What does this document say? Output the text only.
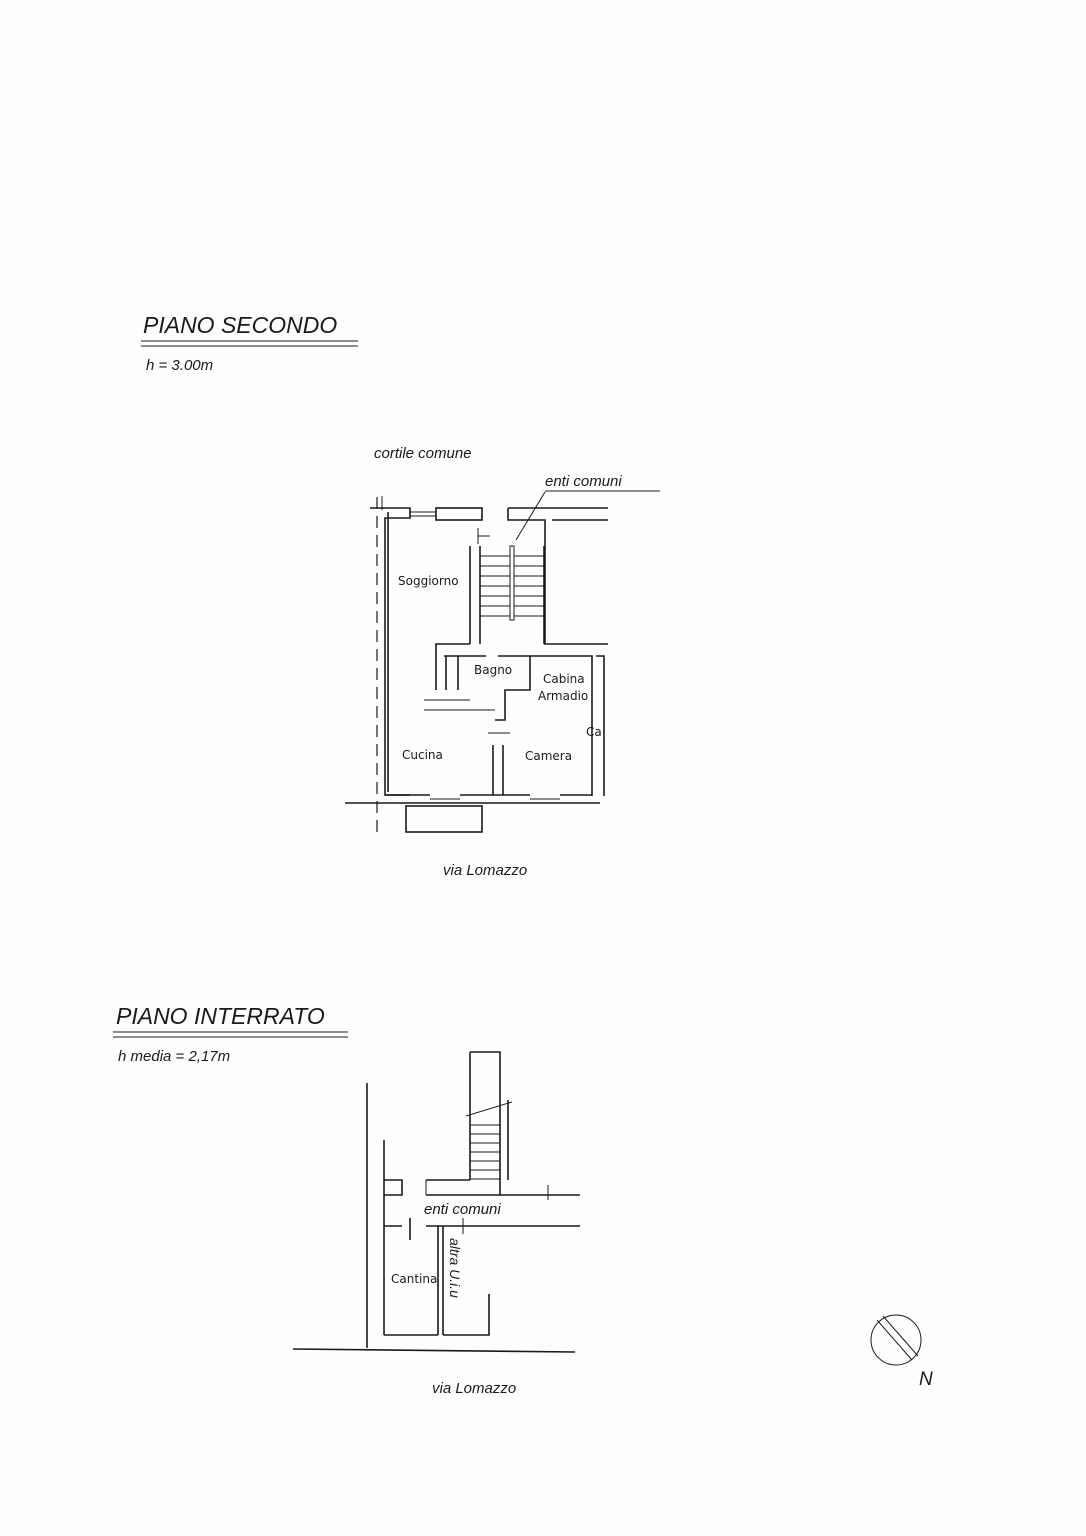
PIANO SECONDO
h = 3.00m
cortile comune
enti comuni
Soggiorno
Bagno
Cabina
Armadio
Cucina	Camera
Ca
via Lomazzo
PIANO INTERRATO
h media = 2,17m
enti comuni
Cantina altra U.i.u
via Lomazzo	N
